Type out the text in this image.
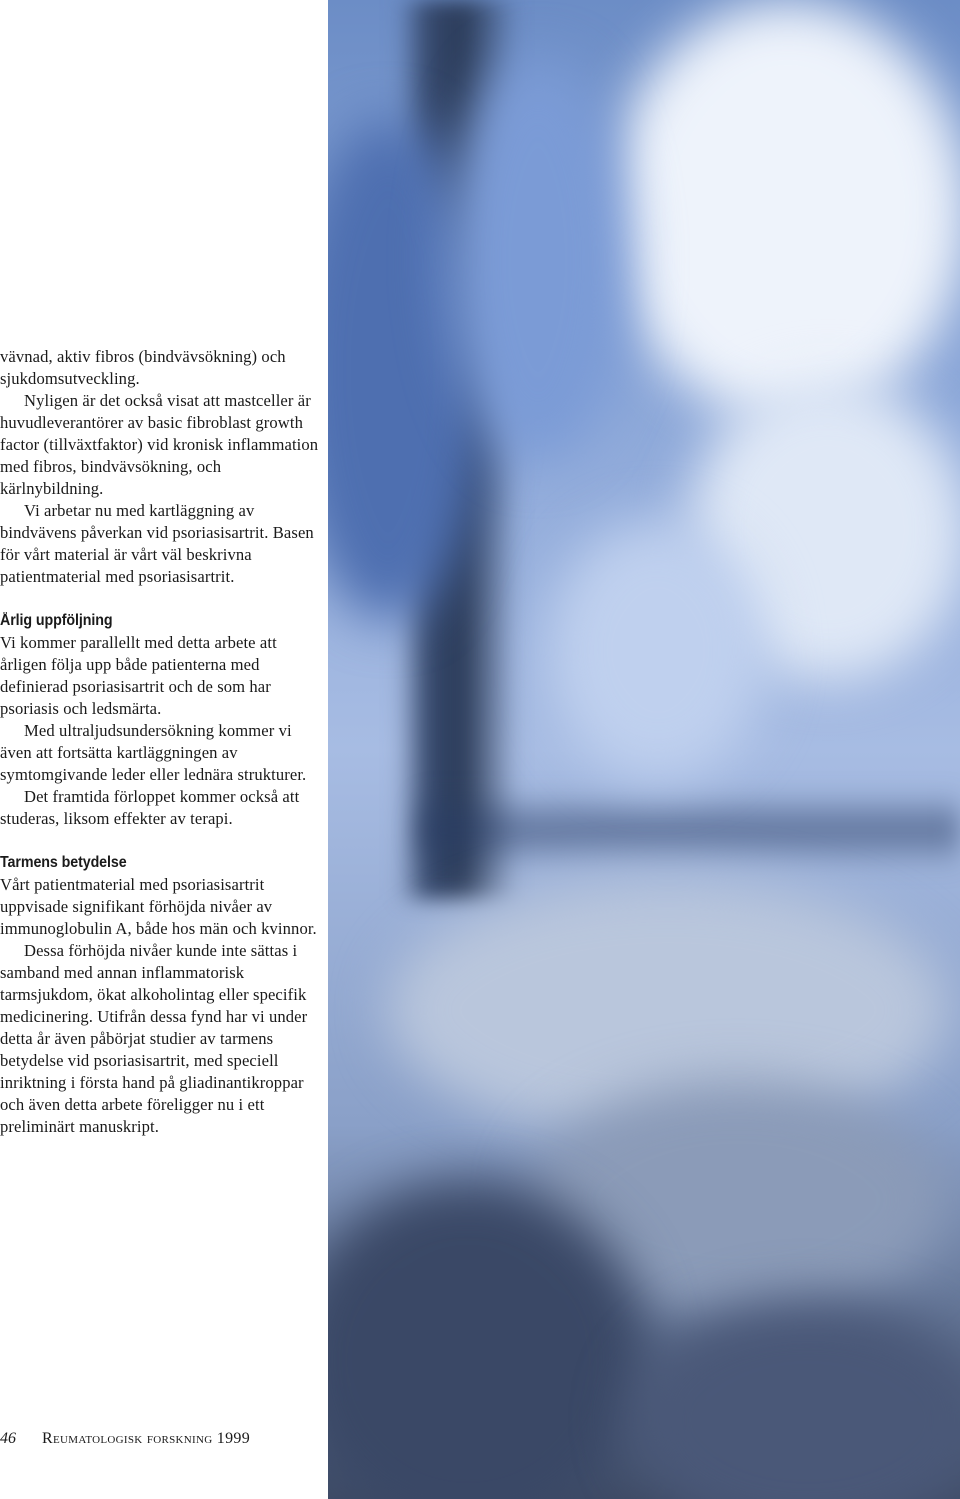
vävnad, aktiv fibros (bindvävsökning) och sjukdomsutveckling.

Nyligen är det också visat att mastceller är huvudleverantörer av basic fibroblast growth factor (tillväxtfaktor) vid kronisk inflammation med fibros, bindvävsökning, och kärlnybildning.

Vi arbetar nu med kartläggning av bindvävens påverkan vid psoriasisartrit. Basen för vårt material är vårt väl beskrivna patientmaterial med psoriasisartrit.

Årlig uppföljning

Vi kommer parallellt med detta arbete att årligen följa upp både patienterna med definierad psoriasisartrit och de som har psoriasis och ledsmärta.

Med ultraljudsundersökning kommer vi även att fortsätta kartläggningen av symtomgivande leder eller lednära strukturer.

Det framtida förloppet kommer också att studeras, liksom effekter av terapi.

Tarmens betydelse

Vårt patientmaterial med psoriasisartrit uppvisade signifikant förhöjda nivåer av immunoglobulin A, både hos män och kvinnor.

Dessa förhöjda nivåer kunde inte sättas i samband med annan inflammatorisk tarmsjukdom, ökat alkoholintag eller specifik medicinering. Utifrån dessa fynd har vi under detta år även påbörjat studier av tarmens betydelse vid psoriasisartrit, med speciell inriktning i första hand på gliadinantikroppar och även detta arbete föreligger nu i ett preliminärt manuskript.

46 Reumatologisk forskning 1999
